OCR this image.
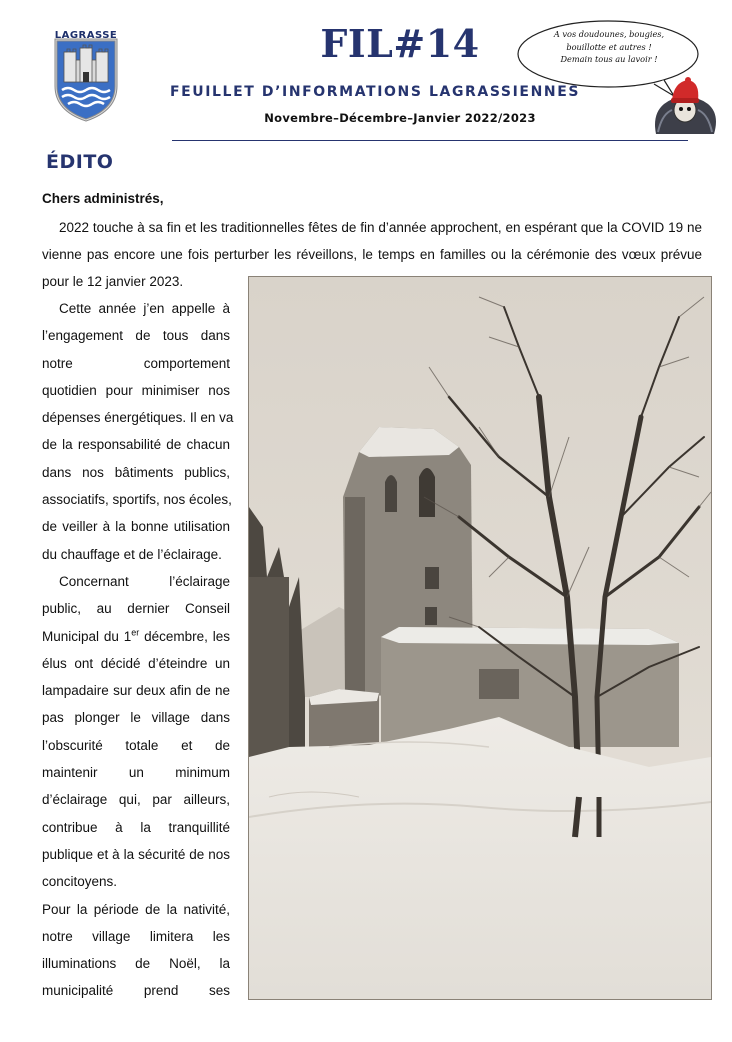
LAGRASSE	FIL#14
FEUILLET D’INFORMATIONS LAGRASSIENNES
Novembre–Décembre–Janvier 2022/2023
A vos doudounes, bougies,
bouillotte et autres !
Demain tous au lavoir !
ÉDITO
Chers administrés,
2022 touche à sa fin et les traditionnelles fêtes de fin d’année approchent, en espérant que la COVID 19 ne
vienne pas encore une fois perturber les réveillons, le temps en familles ou la cérémonie des vœux prévue
pour le 12 janvier 2023.
Cette année j’en appelle à
l’engagement de tous dans
notre comportement
quotidien pour minimiser nos
dépenses énergétiques. Il en va
de la responsabilité de chacun
dans nos bâtiments publics,
associatifs, sportifs, nos écoles,
de veiller à la bonne utilisation
du chauffage et de l’éclairage.
Concernant l’éclairage
public, au dernier Conseil
Municipal du 1er décembre, les
élus ont décidé d’éteindre un
lampadaire sur deux afin de ne
pas plonger le village dans
l’obscurité totale et de
maintenir un minimum
d’éclairage qui, par ailleurs,
contribue à la tranquillité
publique et à la sécurité de nos
concitoyens.
Pour la période de la nativité,
notre village limitera les
illuminations de Noël, la
municipalité prend ses
